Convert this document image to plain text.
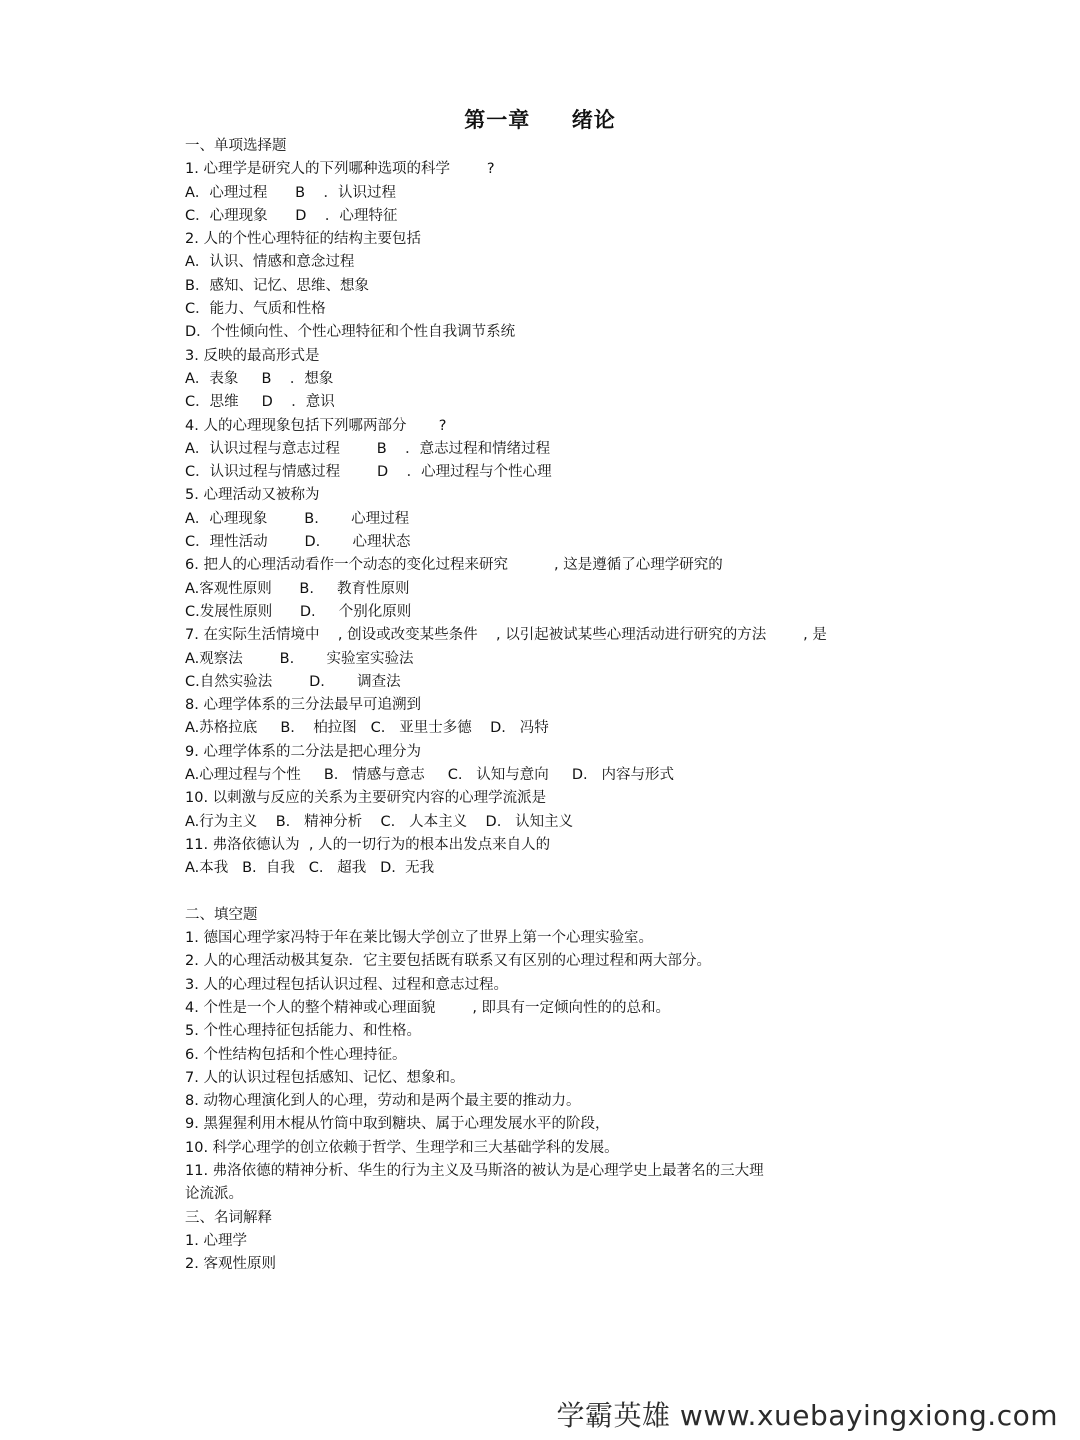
第一章     绪论
一、单项选择题
1. 心理学是研究人的下列哪种选项的科学        ?
A．心理过程      B    ．认识过程
C．心理现象      D    ．心理特征
2. 人的个性心理特征的结构主要包括
A．认识、情感和意念过程
B．感知、记忆、思维、想象
C．能力、气质和性格
D．个性倾向性、个性心理特征和个性自我调节系统
3. 反映的最高形式是
A．表象     B    ．想象
C．思维     D    ．意识
4. 人的心理现象包括下列哪两部分       ?
A．认识过程与意志过程        B    ．意志过程和情绪过程
C．认识过程与情感过程        D    ．心理过程与个性心理
5. 心理活动又被称为
A．心理现象        B.       心理过程
C．理性活动        D.       心理状态
6. 把人的心理活动看作一个动态的变化过程来研究          , 这是遵循了心理学研究的
A.客观性原则      B.     教育性原则
C.发展性原则      D.     个别化原则
7. 在实际生活情境中    , 创设或改变某些条件    , 以引起被试某些心理活动进行研究的方法        , 是
A.观察法        B.       实验室实验法
C.自然实验法        D.       调查法
8. 心理学体系的三分法最早可追溯到
A.苏格拉底     B.    柏拉图   C.   亚里士多德    D.   冯特
9. 心理学体系的二分法是把心理分为
A.心理过程与个性     B.   情感与意志     C.   认知与意向     D.   内容与形式
10. 以刺激与反应的关系为主要研究内容的心理学流派是
A.行为主义    B.   精神分析    C.   人本主义    D.   认知主义
11. 弗洛依德认为  , 人的一切行为的根本出发点来自人的
A.本我   B.  自我   C.   超我   D.  无我
二、填空题
1. 德国心理学家冯特于年在莱比锡大学创立了世界上第一个心理实验室。
2. 人的心理活动极其复杂．它主要包括既有联系又有区别的心理过程和两大部分。
3. 人的心理过程包括认识过程、过程和意志过程。
4. 个性是一个人的整个精神或心理面貌        , 即具有一定倾向性的的总和。
5. 个性心理持征包括能力、和性格。
6. 个性结构包括和个性心理持征。
7. 人的认识过程包括感知、记忆、想象和。
8. 动物心理演化到人的心理，劳动和是两个最主要的推动力。
9. 黑猩猩利用木棍从竹筒中取到糖块、属于心理发展水平的阶段，
10. 科学心理学的创立依赖于哲学、生理学和三大基础学科的发展。
11. 弗洛依德的精神分析、华生的行为主义及马斯洛的被认为是心理学史上最著名的三大理
论流派。
三、名词解释
1. 心理学
2. 客观性原则
学霸英雄 www.xuebayingxiong.com
